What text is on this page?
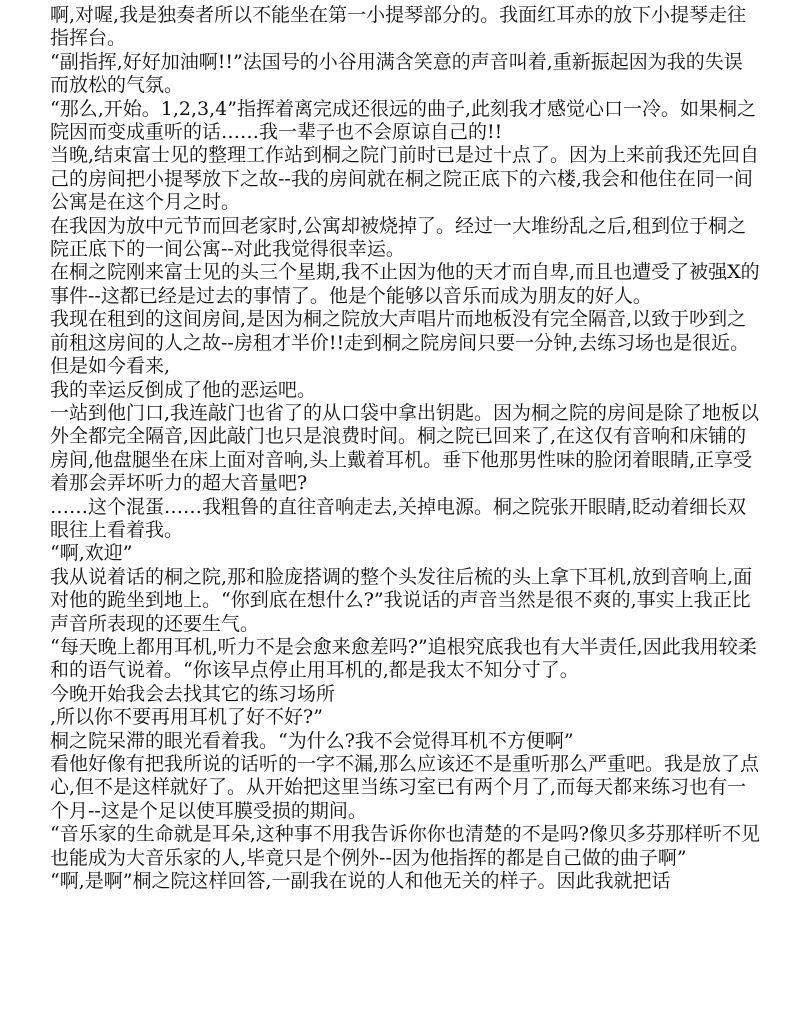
啊,对喔,我是独奏者所以不能坐在第一小提琴部分的。我面红耳赤的放下小提琴走往指挥台。

“副指挥,好好加油啊!!”法国号的小谷用满含笑意的声音叫着,重新振起因为我的失误而放松的气氛。

“那么,开始。1,2,3,4”指挥着离完成还很远的曲子,此刻我才感觉心口一冷。如果桐之院因而变成重听的话……我一辈子也不会原谅自己的!!

当晚,结束富士见的整理工作站到桐之院门前时已是过十点了。因为上来前我还先回自己的房间把小提琴放下之故--我的房间就在桐之院正底下的六楼,我会和他住在同一间公寓是在这个月之时。

在我因为放中元节而回老家时,公寓却被烧掉了。经过一大堆纷乱之后,租到位于桐之院正底下的一间公寓--对此我觉得很幸运。

在桐之院刚来富士见的头三个星期,我不止因为他的天才而自卑,而且也遭受了被强X的事件--这都已经是过去的事情了。他是个能够以音乐而成为朋友的好人。

我现在租到的这间房间,是因为桐之院放大声唱片而地板没有完全隔音,以致于吵到之前租这房间的人之故--房租才半价!!走到桐之院房间只要一分钟,去练习场也是很近。但是如今看来,

我的幸运反倒成了他的恶运吧。

一站到他门口,我连敲门也省了的从口袋中拿出钥匙。因为桐之院的房间是除了地板以外全都完全隔音,因此敲门也只是浪费时间。桐之院已回来了,在这仅有音响和床铺的房间,他盘腿坐在床上面对音响,头上戴着耳机。垂下他那男性味的脸闭着眼睛,正享受着那会弄坏听力的超大音量吧?

……这个混蛋……我粗鲁的直往音响走去,关掉电源。桐之院张开眼睛,眨动着细长双眼往上看着我。

“啊,欢迎”

我从说着话的桐之院,那和脸庞搭调的整个头发往后梳的头上拿下耳机,放到音响上,面对他的跪坐到地上。“你到底在想什么?”我说话的声音当然是很不爽的,事实上我正比声音所表现的还要生气。

“每天晚上都用耳机,听力不是会愈来愈差吗?”追根究底我也有大半责任,因此我用较柔和的语气说着。“你该早点停止用耳机的,都是我太不知分寸了。

今晚开始我会去找其它的练习场所

,所以你不要再用耳机了好不好?”

桐之院呆滞的眼光看着我。“为什么?我不会觉得耳机不方便啊”

看他好像有把我所说的话听的一字不漏,那么应该还不是重听那么严重吧。我是放了点心,但不是这样就好了。从开始把这里当练习室已有两个月了,而每天都来练习也有一个月--这是个足以使耳膜受损的期间。

“音乐家的生命就是耳朵,这种事不用我告诉你你也清楚的不是吗?像贝多芬那样听不见也能成为大音乐家的人,毕竟只是个例外--因为他指挥的都是自己做的曲子啊”

“啊,是啊”桐之院这样回答,一副我在说的人和他无关的样子。因此我就把话
